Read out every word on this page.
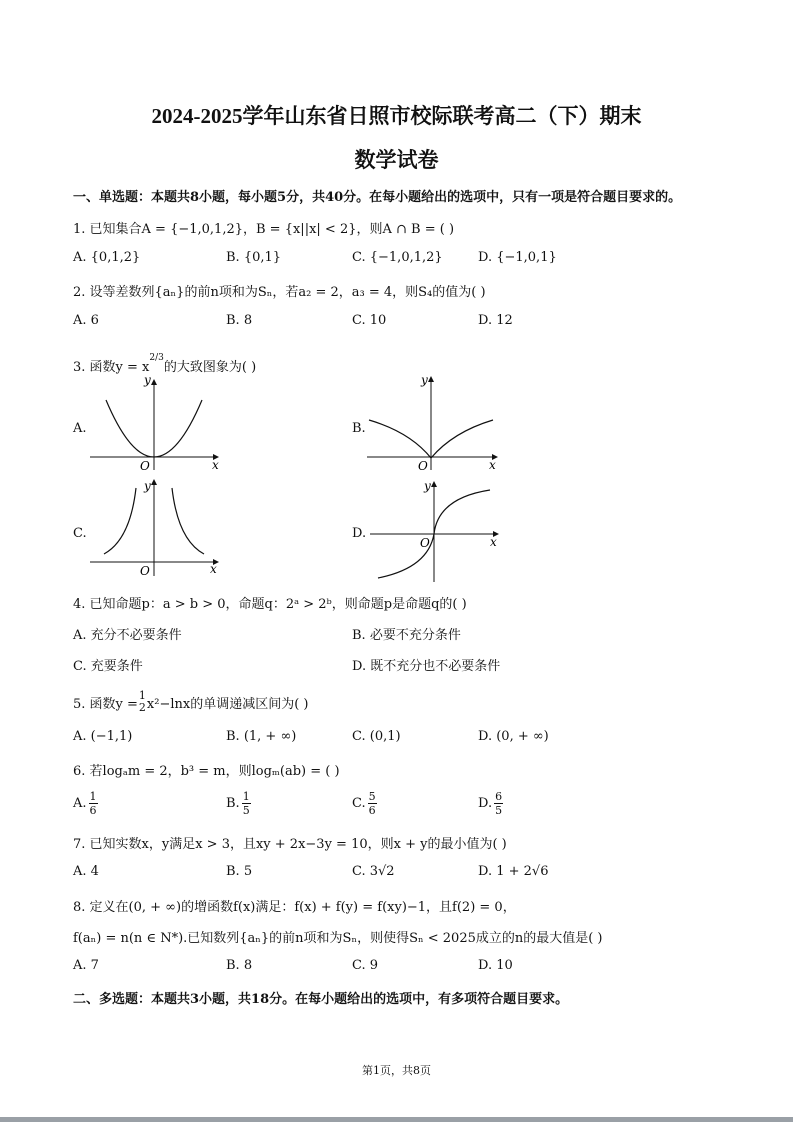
2024-2025学年山东省日照市校际联考高二（下）期末
数学试卷
一、单选题：本题共8小题，每小题5分，共40分。在每小题给出的选项中，只有一项是符合题目要求的。
1. 已知集合A = {−1,0,1,2}，B = {x||x| < 2}，则A ∩ B = ( )
A. {0,1,2}	B. {0,1}	C. {−1,0,1,2}	D. {−1,0,1}
2. 设等差数列{aₙ}的前n项和为Sₙ，若a₂ = 2，a₃ = 4，则S₄的值为( )
A. 6	B. 8	C. 10	D. 12
3. 函数$y = x^{2/3}$的大致图象为( )
A.	B.
C.	D.
y
x
O
y
x
O
y
x
O
y
x
O
4. 已知命题p：a > b > 0，命题q：2ᵃ > 2ᵇ，则命题p是命题q的( )
A. 充分不必要条件	B. 必要不充分条件
C. 充要条件	D. 既不充分也不必要条件
5. 函数y =
1
2 x²−lnx的单调递减区间为( )
A. (−1,1)	B. (1, + ∞)	C. (0,1)	D. (0, + ∞)
6. 若logₐm = 2，b³ = m，则logₘ(ab) = ( )
A. $\frac{1}{6}$	B. $\frac{1}{5}$	C. $\frac{5}{6}$	D. $\frac{6}{5}$
7. 已知实数x，y满足x > 3，且xy + 2x−3y = 10，则x + y的最小值为( )
A. 4	B. 5	C. 3√2	D. 1 + 2√6
8. 定义在(0, + ∞)的增函数f(x)满足：f(x) + f(y) = f(xy)−1，且f(2) = 0，
f(aₙ) = n(n ∈ N*).已知数列{aₙ}的前n项和为Sₙ，则使得Sₙ < 2025成立的n的最大值是( )
A. 7	B. 8	C. 9	D. 10
二、多选题：本题共3小题，共18分。在每小题给出的选项中，有多项符合题目要求。
第1页，共8页
